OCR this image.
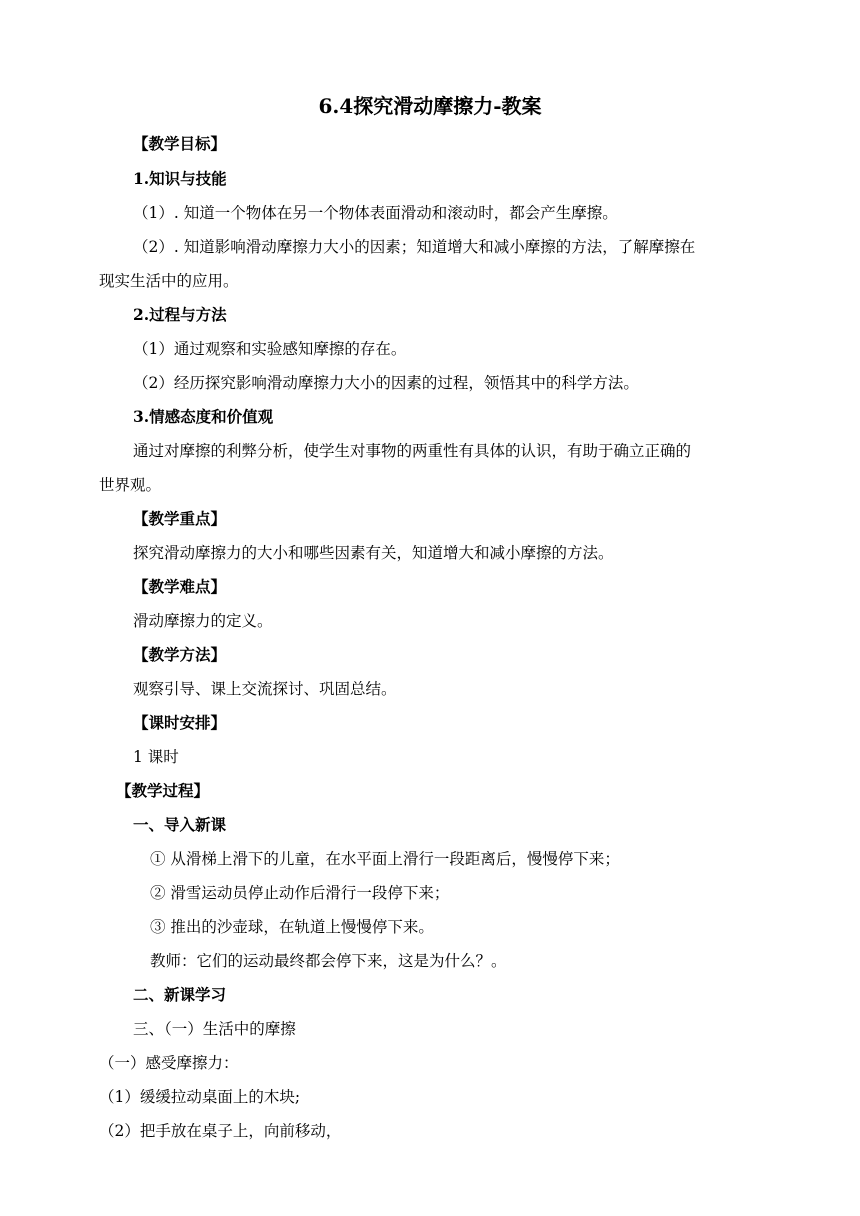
6.4探究滑动摩擦力-教案
【教学目标】
1.知识与技能
（1）. 知道一个物体在另一个物体表面滑动和滚动时，都会产生摩擦。
（2）. 知道影响滑动摩擦力大小的因素；知道增大和减小摩擦的方法，了解摩擦在
现实生活中的应用。
2.过程与方法
（1）通过观察和实验感知摩擦的存在。
（2）经历探究影响滑动摩擦力大小的因素的过程，领悟其中的科学方法。
3.情感态度和价值观
通过对摩擦的利弊分析，使学生对事物的两重性有具体的认识，有助于确立正确的
世界观。
【教学重点】
探究滑动摩擦力的大小和哪些因素有关，知道增大和减小摩擦的方法。
【教学难点】
滑动摩擦力的定义。
【教学方法】
观察引导、课上交流探讨、巩固总结。
【课时安排】
1 课时
【教学过程】
一、导入新课
① 从滑梯上滑下的儿童，在水平面上滑行一段距离后，慢慢停下来；
② 滑雪运动员停止动作后滑行一段停下来；
③ 推出的沙壶球，在轨道上慢慢停下来。
教师：它们的运动最终都会停下来，这是为什么？。
二、新课学习
三、（一）生活中的摩擦
（一）感受摩擦力：
（1）缓缓拉动桌面上的木块;
（2）把手放在桌子上，向前移动，
